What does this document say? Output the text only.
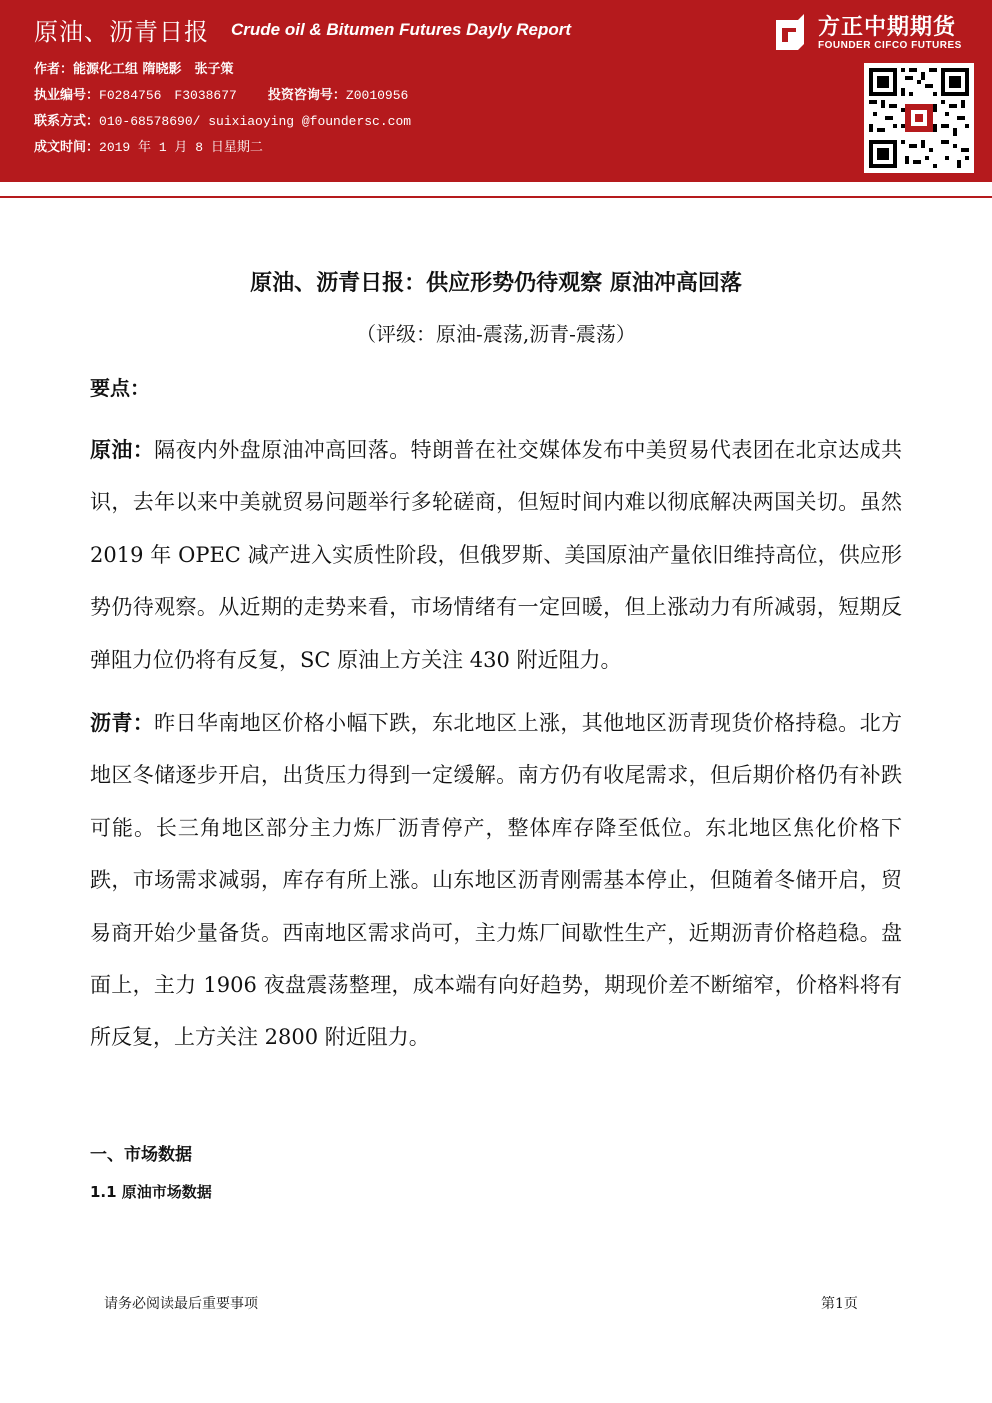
原油、沥青日报 Crude oil & Bitumen Futures Dayly Report
作者：能源化工组 隋晓影　张子策
执业编号：F0284756　F3038677 投资咨询号：Z0010956
联系方式：010-68578690/ suixiaoying @foundersc.com
成文时间：2019 年 1 月 8 日星期二
方正中期期货
FOUNDER CIFCO FUTURES
原油、沥青日报：供应形势仍待观察 原油冲高回落
（评级：原油-震荡,沥青-震荡）
要点：
原油：隔夜内外盘原油冲高回落。特朗普在社交媒体发布中美贸易代表团在北京达成共识，去年以来中美就贸易问题举行多轮磋商，但短时间内难以彻底解决两国关切。虽然 2019 年 OPEC 减产进入实质性阶段，但俄罗斯、美国原油产量依旧维持高位，供应形势仍待观察。从近期的走势来看，市场情绪有一定回暖，但上涨动力有所减弱，短期反弹阻力位仍将有反复，SC 原油上方关注 430 附近阻力。
沥青：昨日华南地区价格小幅下跌，东北地区上涨，其他地区沥青现货价格持稳。北方地区冬储逐步开启，出货压力得到一定缓解。南方仍有收尾需求，但后期价格仍有补跌可能。长三角地区部分主力炼厂沥青停产，整体库存降至低位。东北地区焦化价格下跌，市场需求减弱，库存有所上涨。山东地区沥青刚需基本停止，但随着冬储开启，贸易商开始少量备货。西南地区需求尚可，主力炼厂间歇性生产，近期沥青价格趋稳。盘面上，主力 1906 夜盘震荡整理，成本端有向好趋势，期现价差不断缩窄，价格料将有所反复，上方关注 2800 附近阻力。
一、市场数据
1.1 原油市场数据
请务必阅读最后重要事项	第1页
